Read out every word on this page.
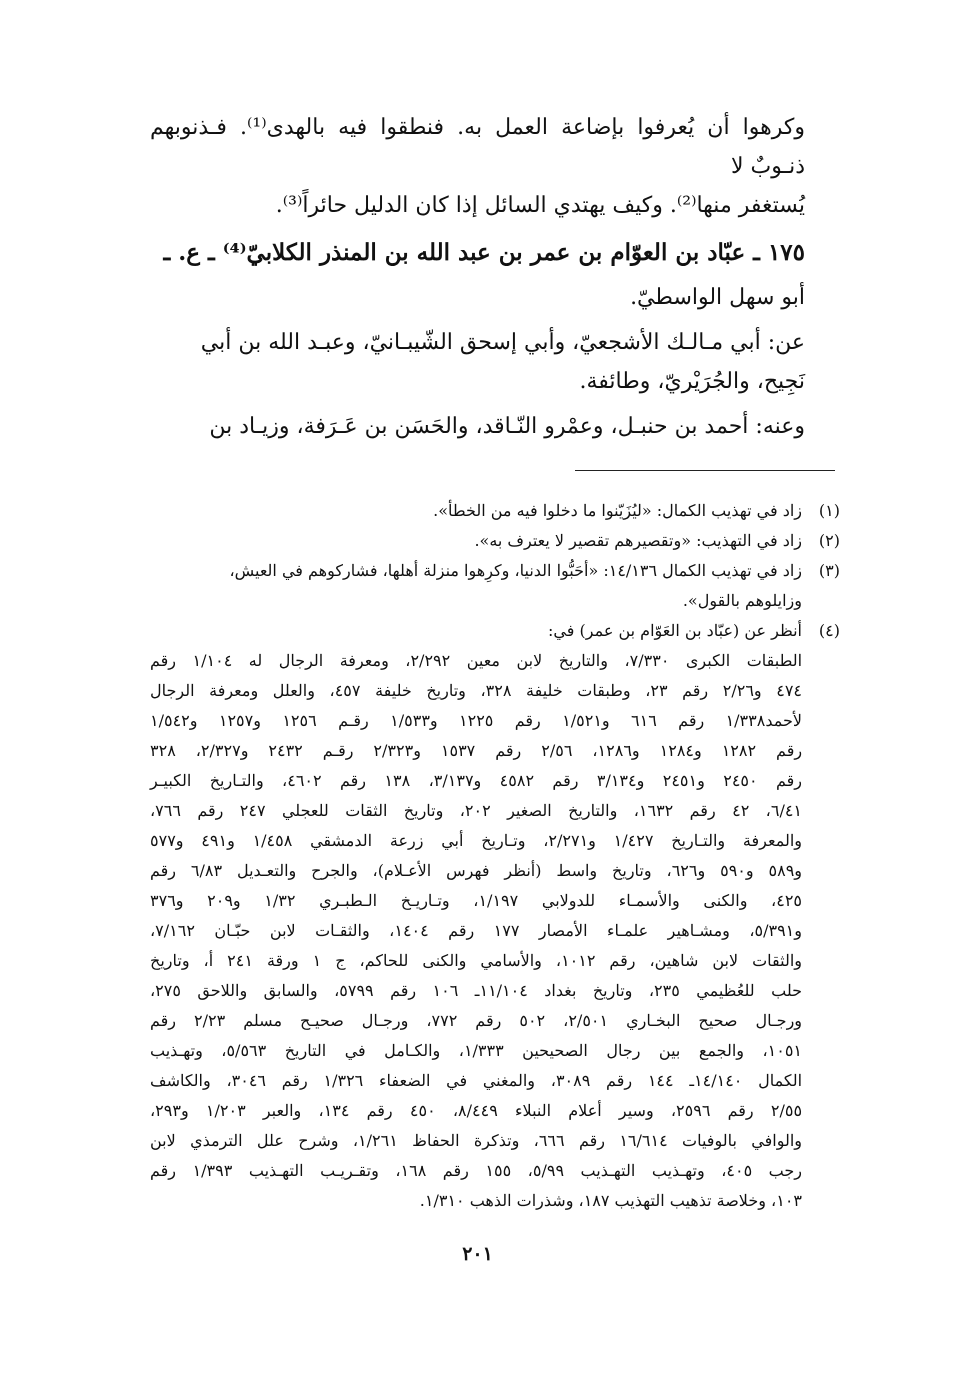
وكرهوا أن يُعرفوا بإضاعة العمل به. فنطقوا فيه بالهدى⁽¹⁾. فـذنوبهم ذنـوبٌ لا
يُستغفر منها⁽²⁾. وكيف يهتدي السائل إذا كان الدليل حائراً⁽³⁾.

١٧٥ ـ عبّاد بن العوّام بن عمر بن عبد الله بن المنذر الكلابيّ⁽⁴⁾ ـ ع. ـ

أبو سهل الواسطيّ.

عن: أبي مـالـك الأشجعيّ، وأبي إسحق الشّيبـانيّ، وعبـد الله بن أبي
نَجِيح، والجُرَيْريّ، وطائفة.

وعنه: أحمد بن حنبـل، وعمْرو النّـاقد، والحَسَن بن عَـرَفة، وزيـاد بن

(١)
زاد في تهذيب الكمال: «ليُزَيّنوا ما دخلوا فيه من الخطأ».
(٢)
زاد في التهذيب: «وتقصيرهم تقصير لا يعترف به».
(٣)
زاد في تهذيب الكمال ١٤/١٣٦: «أحَبُّوا الدنيا، وكرِهوا منزلة أهلها، فشاركوهم في العيش،
وزايلوهم بالقول».
(٤)
أنظر عن (عبّاد بن العَوّام بن عمر) في:
الطبقات الكبرى ٧/٣٣٠، والتاريخ لابن معين ٢/٢٩٢، ومعرفة الرجال له ١/١٠٤ رقم
٤٧٤ و٢/٢٦ رقم ٢٣، وطبقات خليفة ٣٢٨، وتاريخ خليفة ٤٥٧، والعلل ومعرفة الرجال
لأحمد١/٣٣٨ رقم ٦١٦ و١/٥٢١ رقم ١٢٢٥ و١/٥٣٣ رقـم ١٢٥٦ و١٢٥٧ و١/٥٤٢
رقم ١٢٨٢ و١٢٨٤ و١٢٨٦، ٢/٥٦ رقم ١٥٣٧ و٢/٣٢٣ رقـم ٢٤٣٢ و٢/٣٢٧، ٣٢٨
رقم ٢٤٥٠ و٢٤٥١ و٣/١٣٤ رقم ٤٥٨٢ و٣/١٣٧، ١٣٨ رقم ٤٦٠٢، والتـاريخ الكبيـر
٦/٤١، ٤٢ رقم ١٦٣٢، والتاريخ الصغير ٢٠٢، وتاريخ الثقات للعجلي ٢٤٧ رقم ٧٦٦،
والمعرفة والتـاريخ ١/٤٢٧ و٢/٢٧١، وتـاريخ أبي زرعة الدمشقي ١/٤٥٨ و٤٩١ و٥٧٧
و٥٨٩ و٥٩٠ و٦٢٦، وتاريخ واسط (أنظر فهرس الأعـلام)، والجرح والتعـديل ٦/٨٣ رقم
٤٢٥، والكنى والأسمـاء للدولابي ١/١٩٧، وتـاريـخ الـطبـري ١/٣٢ و٢٠٩ و٣٧٦
و٥/٣٩١، ومشـاهير علمـاء الأمصار ١٧٧ رقم ١٤٠٤، والثقـات لابن حبّـان ٧/١٦٢،
والثقات لابن شاهين، رقم ١٠١٢، والأسامي والكنى للحاكم، ج ١ ورقة ٢٤١ أ، وتاريخ
حلب للعُظيمي ٢٣٥، وتاريخ بغداد ١١/١٠٤ـ ١٠٦ رقم ٥٧٩٩، والسابق واللاحق ٢٧٥،
ورجـال صحيح البخـاري ٢/٥٠١، ٥٠٢ رقم ٧٧٢، ورجـال صحيـح مسلم ٢/٢٣ رقم
١٠٥١، والجمع بين رجال الصحيحين ١/٣٣٣، والكـامل في التاريخ ٥/٥٦٣، وتهـذيب
الكمال ١٤/١٤٠ـ ١٤٤ رقم ٣٠٨٩، والمغني في الضعفاء ١/٣٢٦ رقم ٣٠٤٦، والكاشف
٢/٥٥ رقم ٢٥٩٦، وسير أعلام النبلاء ٨/٤٤٩، ٤٥٠ رقم ١٣٤، والعبر ١/٢٠٣ و٢٩٣،
والوافي بالوفيات ١٦/٦١٤ رقم ٦٦٦، وتذكرة الحفاظ ١/٢٦١، وشرح علل الترمذي لابن
رجب ٤٠٥، وتهـذيب التهـذيب ٥/٩٩، ١٥٥ رقم ١٦٨، وتقـريـب التهـذيب ١/٣٩٣ رقم
١٠٣، وخلاصة تذهيب التهذيب ١٨٧، وشذرات الذهب ١/٣١٠.
٢٠١
